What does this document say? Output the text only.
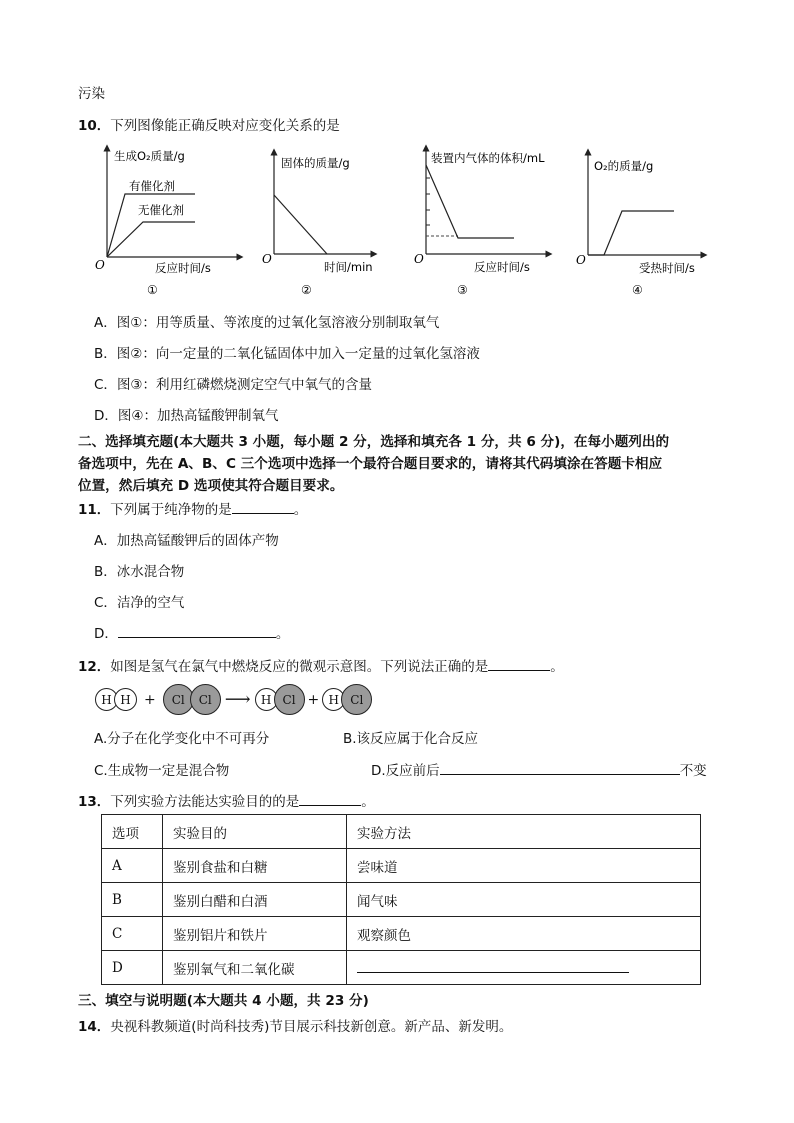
污染
10．下列图像能正确反映对应变化关系的是
生成O₂质量/g
有催化剂
无催化剂
O	反应时间/s
①
固体的质量/g
O
时间/min
②
装置内气体的体积/mL
O
反应时间/s
③
O₂的质量/g
O
受热时间/s
④
A．图①：用等质量、等浓度的过氧化氢溶液分别制取氧气
B．图②：向一定量的二氧化锰固体中加入一定量的过氧化氢溶液
C．图③：利用红磷燃烧测定空气中氧气的含量
D．图④：加热高锰酸钾制氧气
二、选择填充题(本大题共 3 小题，每小题 2 分，选择和填充各 1 分，共 6 分)，在每小题列出的
备选项中，先在 A、B、C 三个选项中选择一个最符合题目要求的，请将其代码填涂在答题卡相应
位置，然后填充 D 选项使其符合题目要求。
11．下列属于纯净物的是	。
A．加热高锰酸钾后的固体产物
B．冰水混合物
C．洁净的空气
D．	。
12．如图是氢气在氯气中燃烧反应的微观示意图。下列说法正确的是	。
H H +	Cl	Cl ⟶ H Cl + H Cl
A.分子在化学变化中不可再分	B.该反应属于化合反应
C.生成物一定是混合物	D.反应前后	不变
13．下列实验方法能达实验目的的是	。
选项	实验目的	实验方法
A	鉴别食盐和白糖	尝味道
B	鉴别白醋和白酒	闻气味
C	鉴别铝片和铁片	观察颜色
D	鉴别氧气和二氧化碳	
三、填空与说明题(本大题共 4 小题，共 23 分)
14．央视科教频道(时尚科技秀)节目展示科技新创意。新产品、新发明。
